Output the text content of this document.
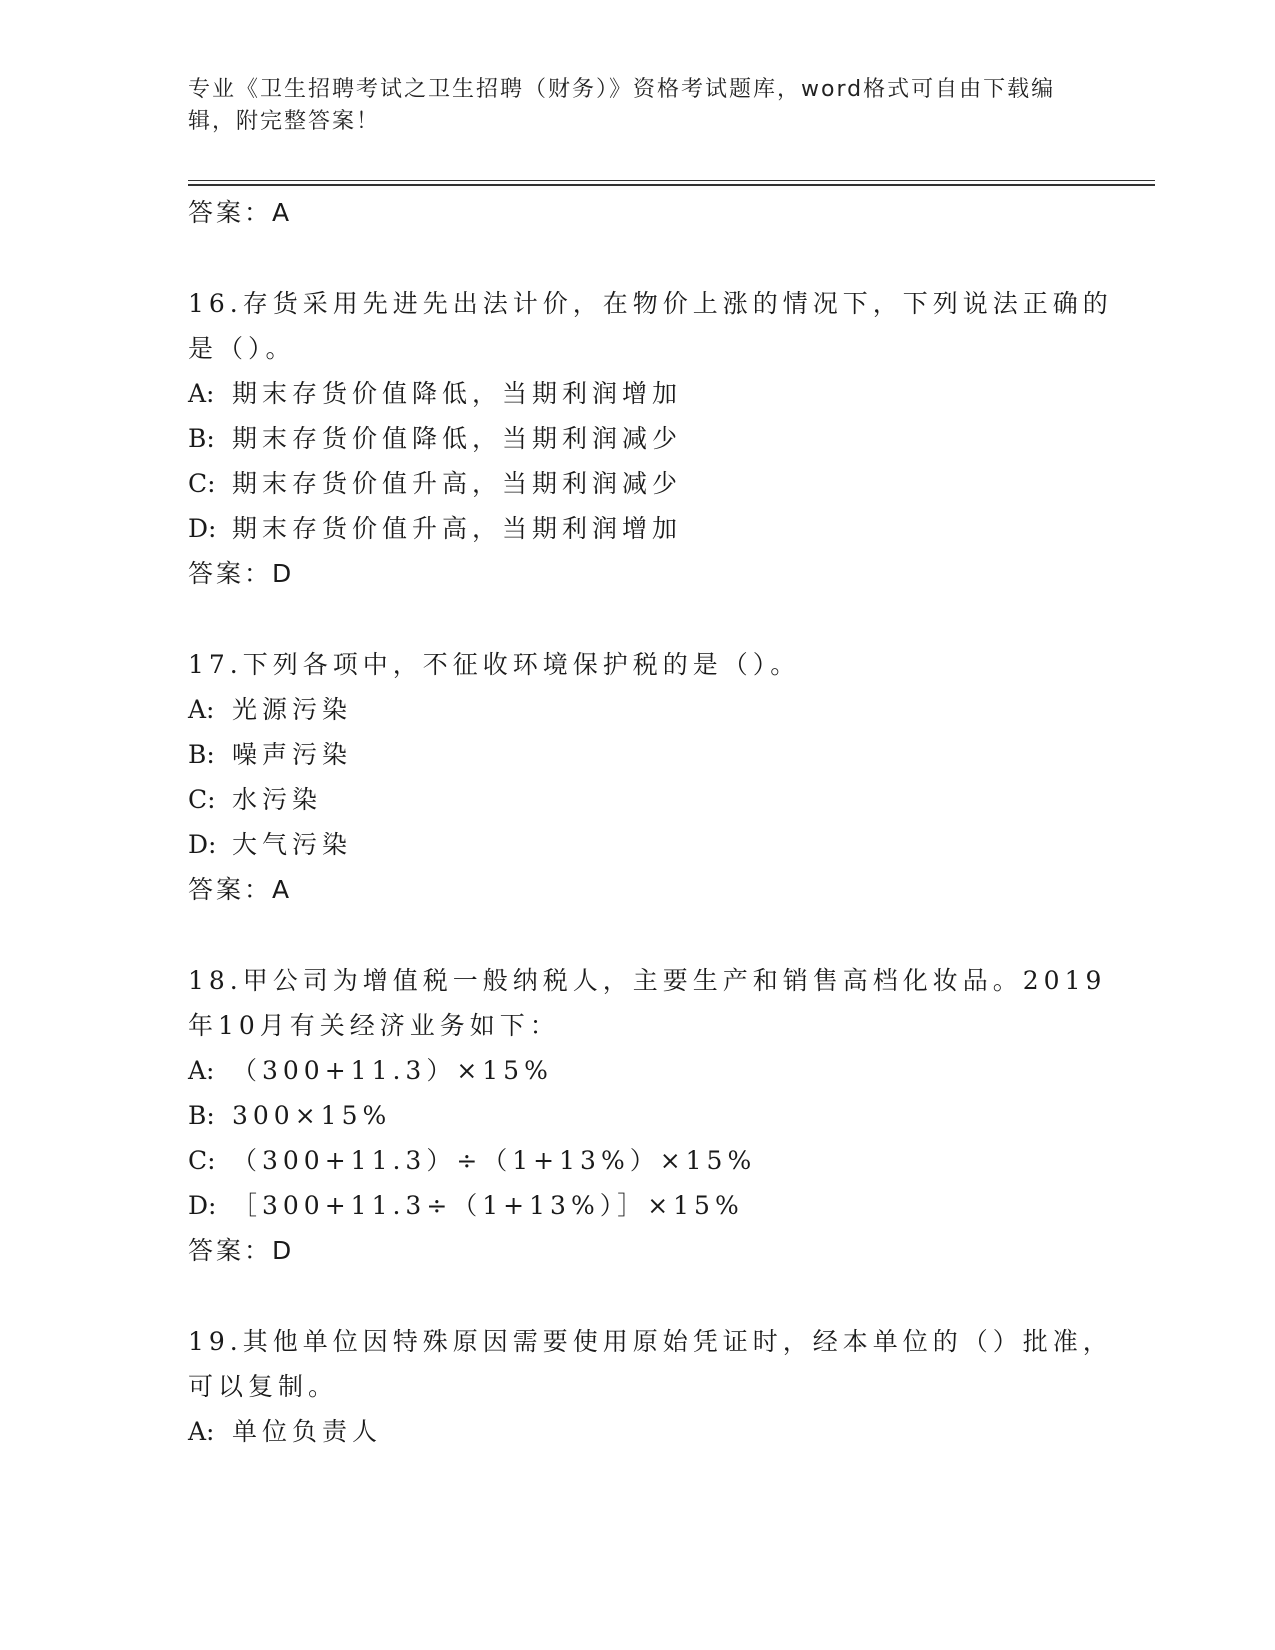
专业《卫生招聘考试之卫生招聘（财务）》资格考试题库，word格式可自由下载编辑，附完整答案！
答案：A
16.存货采用先进先出法计价，在物价上涨的情况下，下列说法正确的
是（）。
A: 期末存货价值降低，当期利润增加
B: 期末存货价值降低，当期利润减少
C: 期末存货价值升高，当期利润减少
D: 期末存货价值升高，当期利润增加
答案：D
17.下列各项中，不征收环境保护税的是（）。
A: 光源污染
B: 噪声污染
C: 水污染
D: 大气污染
答案：A
18.甲公司为增值税一般纳税人，主要生产和销售高档化妆品。2019
年10月有关经济业务如下：
A: （300+11.3）×15%
B: 300×15%
C: （300+11.3）÷（1+13%）×15%
D: ［300+11.3÷（1+13%）］×15%
答案：D
19.其他单位因特殊原因需要使用原始凭证时，经本单位的（）批准，
可以复制。
A: 单位负责人
